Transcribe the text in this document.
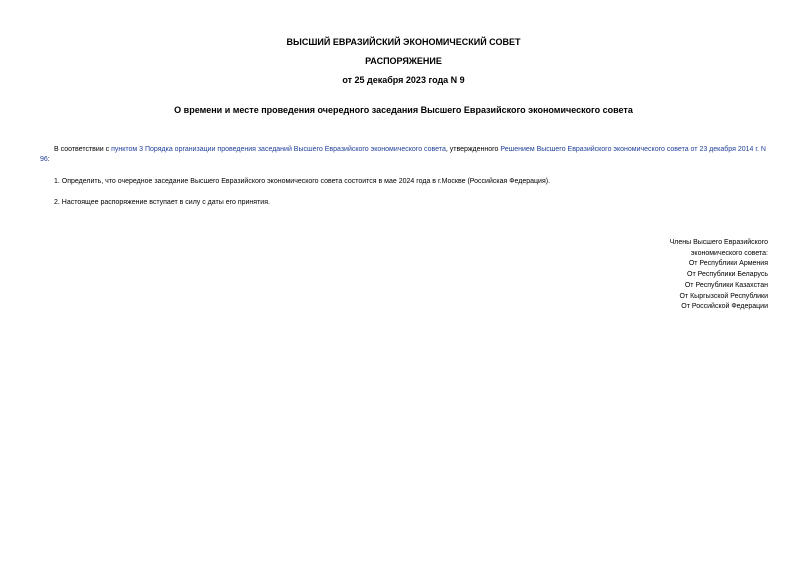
ВЫСШИЙ ЕВРАЗИЙСКИЙ ЭКОНОМИЧЕСКИЙ СОВЕТ
РАСПОРЯЖЕНИЕ
от 25 декабря 2023 года N 9
О времени и месте проведения очередного заседания Высшего Евразийского экономического совета
В соответствии с пунктом 3 Порядка организации проведения заседаний Высшего Евразийского экономического совета, утвержденного Решением Высшего Евразийского экономического совета от 23 декабря 2014 г. N 96:
1. Определить, что очередное заседание Высшего Евразийского экономического совета состоится в мае 2024 года в г.Москве (Российская Федерация).
2. Настоящее распоряжение вступает в силу с даты его принятия.
Члены Высшего Евразийского
экономического совета:
От Республики Армения
От Республики Беларусь
От Республики Казахстан
От Кыргызской Республики
От Российской Федерации
